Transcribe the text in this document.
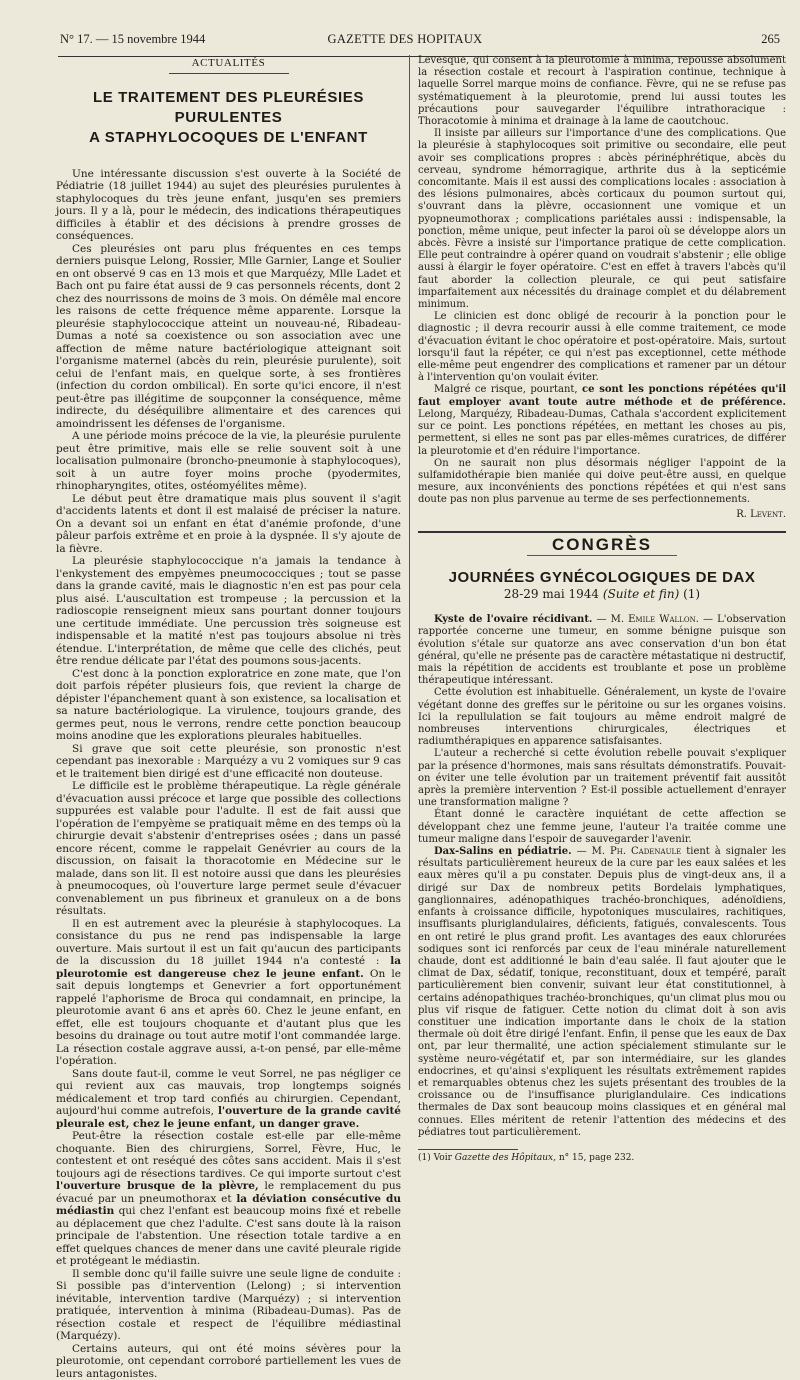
N° 17. — 15 novembre 1944	GAZETTE DES HOPITAUX	265
ACTUALITÉS
LE TRAITEMENT DES PLEURÉSIES PURULENTES
A STAPHYLOCOQUES DE L'ENFANT

Une intéressante discussion s'est ouverte à la Société de Pédiatrie (18 juillet 1944) au sujet des pleurésies purulentes à staphylocoques du très jeune enfant, jusqu'en ses premiers jours. Il y a là, pour le médecin, des indications thérapeutiques difficiles à établir et des décisions à prendre grosses de conséquences.

Ces pleurésies ont paru plus fréquentes en ces temps derniers puisque Lelong, Rossier, Mlle Garnier, Lange et Soulier en ont observé 9 cas en 13 mois et que Marquézy, Mlle Ladet et Bach ont pu faire état aussi de 9 cas personnels récents, dont 2 chez des nourrissons de moins de 3 mois. On démêle mal encore les raisons de cette fréquence même apparente. Lorsque la pleurésie staphylococcique atteint un nouveau-né, Ribadeau-Dumas a noté sa coexistence ou son association avec une affection de même nature bactériologique atteignant soit l'organisme maternel (abcès du rein, pleurésie purulente), soit celui de l'enfant mais, en quelque sorte, à ses frontières (infection du cordon ombilical). En sorte qu'ici encore, il n'est peut-être pas illégitime de soupçonner la conséquence, même indirecte, du déséquilibre alimentaire et des carences qui amoindrissent les défenses de l'organisme.

A une période moins précoce de la vie, la pleurésie purulente peut être primitive, mais elle se relie souvent soit à une localisation pulmonaire (broncho-pneumonie à staphylocoques), soit à un autre foyer moins proche (pyodermites, rhinopharyngites, otites, ostéomyélites même).

Le début peut être dramatique mais plus souvent il s'agit d'accidents latents et dont il est malaisé de préciser la nature. On a devant soi un enfant en état d'anémie profonde, d'une pâleur parfois extrême et en proie à la dyspnée. Il s'y ajoute de la fièvre.

La pleurésie staphylococcique n'a jamais la tendance à l'enkystement des empyèmes pneumococciques ; tout se passe dans la grande cavité, mais le diagnostic n'en est pas pour cela plus aisé. L'auscultation est trompeuse ; la percussion et la radioscopie renseignent mieux sans pourtant donner toujours une certitude immédiate. Une percussion très soigneuse est indispensable et la matité n'est pas toujours absolue ni très étendue. L'interprétation, de même que celle des clichés, peut être rendue délicate par l'état des poumons sous-jacents.

C'est donc à la ponction exploratrice en zone mate, que l'on doit parfois répéter plusieurs fois, que revient la charge de dépister l'épanchement quant à son existence, sa localisation et sa nature bactériologique. La virulence, toujours grande, des germes peut, nous le verrons, rendre cette ponction beaucoup moins anodine que les explorations pleurales habituelles.

Si grave que soit cette pleurésie, son pronostic n'est cependant pas inexorable : Marquézy a vu 2 vomiques sur 9 cas et le traitement bien dirigé est d'une efficacité non douteuse.

Le difficile est le problème thérapeutique. La règle générale d'évacuation aussi précoce et large que possible des collections suppurées est valable pour l'adulte. Il est de fait aussi que l'opération de l'empyème se pratiquait même en des temps où la chirurgie devait s'abstenir d'entreprises osées ; dans un passé encore récent, comme le rappelait Genévrier au cours de la discussion, on faisait la thoracotomie en Médecine sur le malade, dans son lit. Il est notoire aussi que dans les pleurésies à pneumocoques, où l'ouverture large permet seule d'évacuer convenablement un pus fibrineux et granuleux on a de bons résultats.

Il en est autrement avec la pleurésie à staphylocoques. La consistance du pus ne rend pas indispensable la large ouverture. Mais surtout il est un fait qu'aucun des participants de la discussion du 18 juillet 1944 n'a contesté : la pleurotomie est dangereuse chez le jeune enfant. On le sait depuis longtemps et Genevrier a fort opportunément rappelé l'aphorisme de Broca qui condamnait, en principe, la pleurotomie avant 6 ans et après 60. Chez le jeune enfant, en effet, elle est toujours choquante et d'autant plus que les besoins du drainage ou tout autre motif l'ont commandée large. La résection costale aggrave aussi, a-t-on pensé, par elle-même l'opération.

Sans doute faut-il, comme le veut Sorrel, ne pas négliger ce qui revient aux cas mauvais, trop longtemps soignés médicalement et trop tard confiés au chirurgien. Cependant, aujourd'hui comme autrefois, l'ouverture de la grande cavité pleurale est, chez le jeune enfant, un danger grave.

Peut-être la résection costale est-elle par elle-même choquante. Bien des chirurgiens, Sorrel, Fèvre, Huc, le contestent et ont reséqué des côtes sans accident. Mais il s'est toujours agi de résections tardives. Ce qui importe surtout c'est l'ouverture brusque de la plèvre, le remplacement du pus évacué par un pneumothorax et la déviation consécutive du médiastin qui chez l'enfant est beaucoup moins fixé et rebelle au déplacement que chez l'adulte. C'est sans doute là la raison principale de l'abstention. Une résection totale tardive a en effet quelques chances de mener dans une cavité pleurale rigide et protégeant le médiastin.

Il semble donc qu'il faille suivre une seule ligne de conduite : Si possible pas d'intervention (Lelong) ; si intervention inévitable, intervention tardive (Marquézy) ; si intervention pratiquée, intervention à minima (Ribadeau-Dumas). Pas de résection costale et respect de l'équilibre médiastinal (Marquézy).

Certains auteurs, qui ont été moins sévères pour la pleurotomie, ont cependant corroboré partiellement les vues de leurs antagonistes.

Levesque, qui consent à la pleurotomie à minima, repousse absolument la résection costale et recourt à l'aspiration continue, technique à laquelle Sorrel marque moins de confiance. Fèvre, qui ne se refuse pas systématiquement à la pleurotomie, prend lui aussi toutes les précautions pour sauvegarder l'équilibre intrathoracique : Thoracotomie à minima et drainage à la lame de caoutchouc.

Il insiste par ailleurs sur l'importance d'une des complications. Que la pleurésie à staphylocoques soit primitive ou secondaire, elle peut avoir ses complications propres : abcès périnéphrétique, abcès du cerveau, syndrome hémorragique, arthrite dus à la septicémie concomitante. Mais il est aussi des complications locales : association à des lésions pulmonaires, abcès corticaux du poumon surtout qui, s'ouvrant dans la plèvre, occasionnent une vomique et un pyopneumothorax ; complications pariétales aussi : indispensable, la ponction, même unique, peut infecter la paroi où se développe alors un abcès. Fèvre a insisté sur l'importance pratique de cette complication. Elle peut contraindre à opérer quand on voudrait s'abstenir ; elle oblige aussi à élargir le foyer opératoire. C'est en effet à travers l'abcès qu'il faut aborder la collection pleurale, ce qui peut satisfaire imparfaitement aux nécessités du drainage complet et du délabrement minimum.

Le clinicien est donc obligé de recourir à la ponction pour le diagnostic ; il devra recourir aussi à elle comme traitement, ce mode d'évacuation évitant le choc opératoire et post-opératoire. Mais, surtout lorsqu'il faut la répéter, ce qui n'est pas exceptionnel, cette méthode elle-même peut engendrer des complications et ramener par un détour à l'intervention qu'on voulait éviter.

Malgré ce risque, pourtant, ce sont les ponctions répétées qu'il faut employer avant toute autre méthode et de préférence. Lelong, Marquézy, Ribadeau-Dumas, Cathala s'accordent explicitement sur ce point. Les ponctions répétées, en mettant les choses au pis, permettent, si elles ne sont pas par elles-mêmes curatrices, de différer la pleurotomie et d'en réduire l'importance.

On ne saurait non plus désormais négliger l'appoint de la sulfamidothérapie bien maniée qui doive peut-être aussi, en quelque mesure, aux inconvénients des ponctions répétées et qui n'est sans doute pas non plus parvenue au terme de ses perfectionnements.

R. Levent.
CONGRÈS
JOURNÉES GYNÉCOLOGIQUES DE DAX
28-29 mai 1944 (Suite et fin) (1)

Kyste de l'ovaire récidivant. — M. Emile Wallon. — L'observation rapportée concerne une tumeur, en somme bénigne puisque son évolution s'étale sur quatorze ans avec conservation d'un bon état général, qu'elle ne présente pas de caractère métastatique ni destructif, mais la répétition de accidents est troublante et pose un problème thérapeutique intéressant.

Cette évolution est inhabituelle. Généralement, un kyste de l'ovaire végétant donne des greffes sur le péritoine ou sur les organes voisins. Ici la repullulation se fait toujours au même endroit malgré de nombreuses interventions chirurgicales, électriques et radiumthérapiques en apparence satisfaisantes.

L'auteur a recherché si cette évolution rebelle pouvait s'expliquer par la présence d'hormones, mais sans résultats démonstratifs. Pouvait-on éviter une telle évolution par un traitement préventif fait aussitôt après la première intervention ? Est-il possible actuellement d'enrayer une transformation maligne ?

Étant donné le caractère inquiétant de cette affection se développant chez une femme jeune, l'auteur l'a traitée comme une tumeur maligne dans l'espoir de sauvegarder l'avenir.

Dax-Salins en pédiatrie. — M. Ph. Cadenaule tient à signaler les résultats particulièrement heureux de la cure par les eaux salées et les eaux mères qu'il a pu constater. Depuis plus de vingt-deux ans, il a dirigé sur Dax de nombreux petits Bordelais lymphatiques, ganglionnaires, adénopathiques trachéo-bronchiques, adénoïdiens, enfants à croissance difficile, hypotoniques musculaires, rachitiques, insuffisants pluriglandulaires, déficients, fatigués, convalescents. Tous en ont retiré le plus grand profit. Les avantages des eaux chlorurées sodiques sont ici renforcés par ceux de l'eau minérale naturellement chaude, dont est additionné le bain d'eau salée. Il faut ajouter que le climat de Dax, sédatif, tonique, reconstituant, doux et tempéré, paraît particulièrement bien convenir, suivant leur état constitutionnel, à certains adénopathiques trachéo-bronchiques, qu'un climat plus mou ou plus vif risque de fatiguer. Cette notion du climat doit à son avis constituer une indication importante dans le choix de la station thermale où doit être dirigé l'enfant. Enfin, il pense que les eaux de Dax ont, par leur thermalité, une action spécialement stimulante sur le système neuro-végétatif et, par son intermédiaire, sur les glandes endocrines, et qu'ainsi s'expliquent les résultats extrêmement rapides et remarquables obtenus chez les sujets présentant des troubles de la croissance ou de l'insuffisance pluriglandulaire. Ces indications thermales de Dax sont beaucoup moins classiques et en général mal connues. Elles méritent de retenir l'attention des médecins et des pédiatres tout particulièrement.

(1) Voir Gazette des Hôpitaux, n° 15, page 232.
